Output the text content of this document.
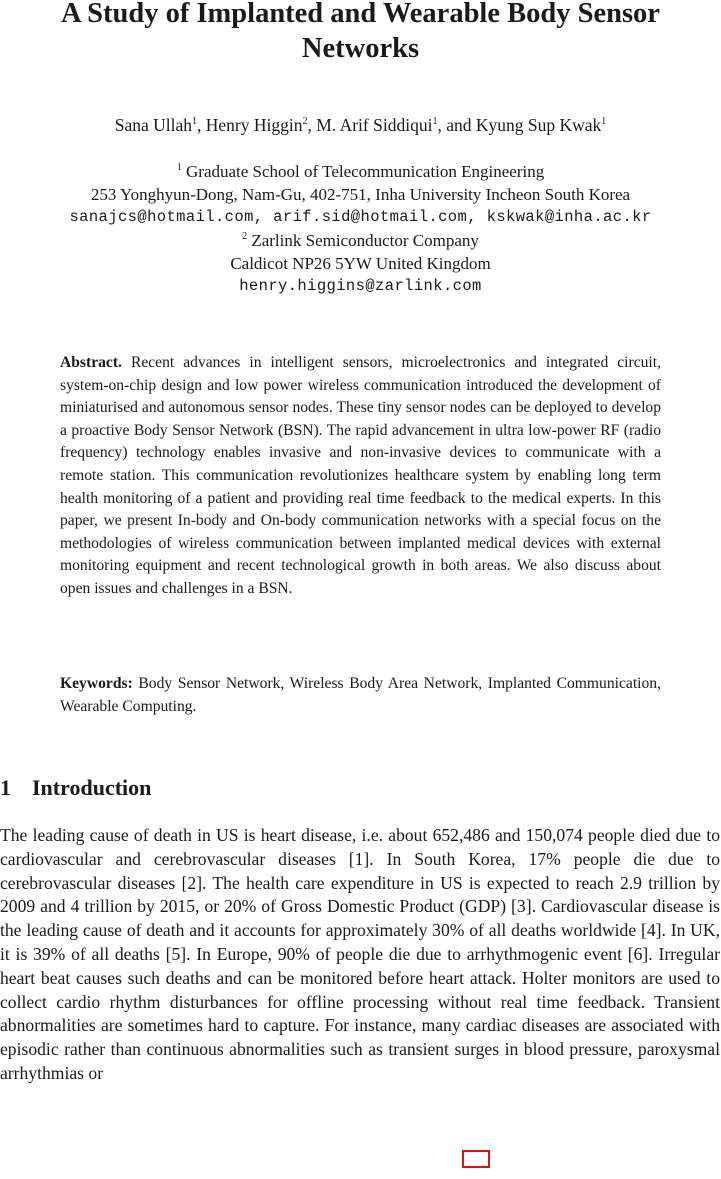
A Study of Implanted and Wearable Body Sensor Networks
Sana Ullah$^1$, Henry Higgin$^2$, M. Arif Siddiqui$^1$, and Kyung Sup Kwak$^1$
$^1$ Graduate School of Telecommunication Engineering
253 Yonghyun-Dong, Nam-Gu, 402-751, Inha University Incheon South Korea
sanajcs@hotmail.com, arif.sid@hotmail.com, kskwak@inha.ac.kr
$^2$ Zarlink Semiconductor Company
Caldicot NP26 5YW United Kingdom
henry.higgins@zarlink.com

Abstract. Recent advances in intelligent sensors, microelectronics and integrated circuit, system-on-chip design and low power wireless communication introduced the development of miniaturised and autonomous sensor nodes. These tiny sensor nodes can be deployed to develop a proactive Body Sensor Network (BSN). The rapid advancement in ultra low-power RF (radio frequency) technology enables invasive and non-invasive devices to communicate with a remote station. This communication revolutionizes healthcare system by enabling long term health monitoring of a patient and providing real time feedback to the medical experts. In this paper, we present In-body and On-body communication networks with a special focus on the methodologies of wireless communication between implanted medical devices with external monitoring equipment and recent technological growth in both areas. We also discuss about open issues and challenges in a BSN.

Keywords: Body Sensor Network, Wireless Body Area Network, Implanted Communication, Wearable Computing.

1 Introduction

The leading cause of death in US is heart disease, i.e. about 652,486 and 150,074 people died due to cardiovascular and cerebrovascular diseases [1]. In South Korea, 17% people die due to cerebrovascular diseases [2]. The health care expenditure in US is expected to reach 2.9 trillion by 2009 and 4 trillion by 2015, or 20% of Gross Domestic Product (GDP) [3]. Cardiovascular disease is the leading cause of death and it accounts for approximately 30% of all deaths worldwide [4]. In UK, it is 39% of all deaths [5]. In Europe, 90% of people die due to arrhythmogenic event [6]. Irregular heart beat causes such deaths and can be monitored before heart attack. Holter monitors are used to collect cardio rhythm disturbances for offline processing without real time feedback. Transient abnormalities are sometimes hard to capture. For instance, many cardiac diseases are associated with episodic rather than continuous abnormalities such as transient surges in blood pressure, paroxysmal arrhythmias or
